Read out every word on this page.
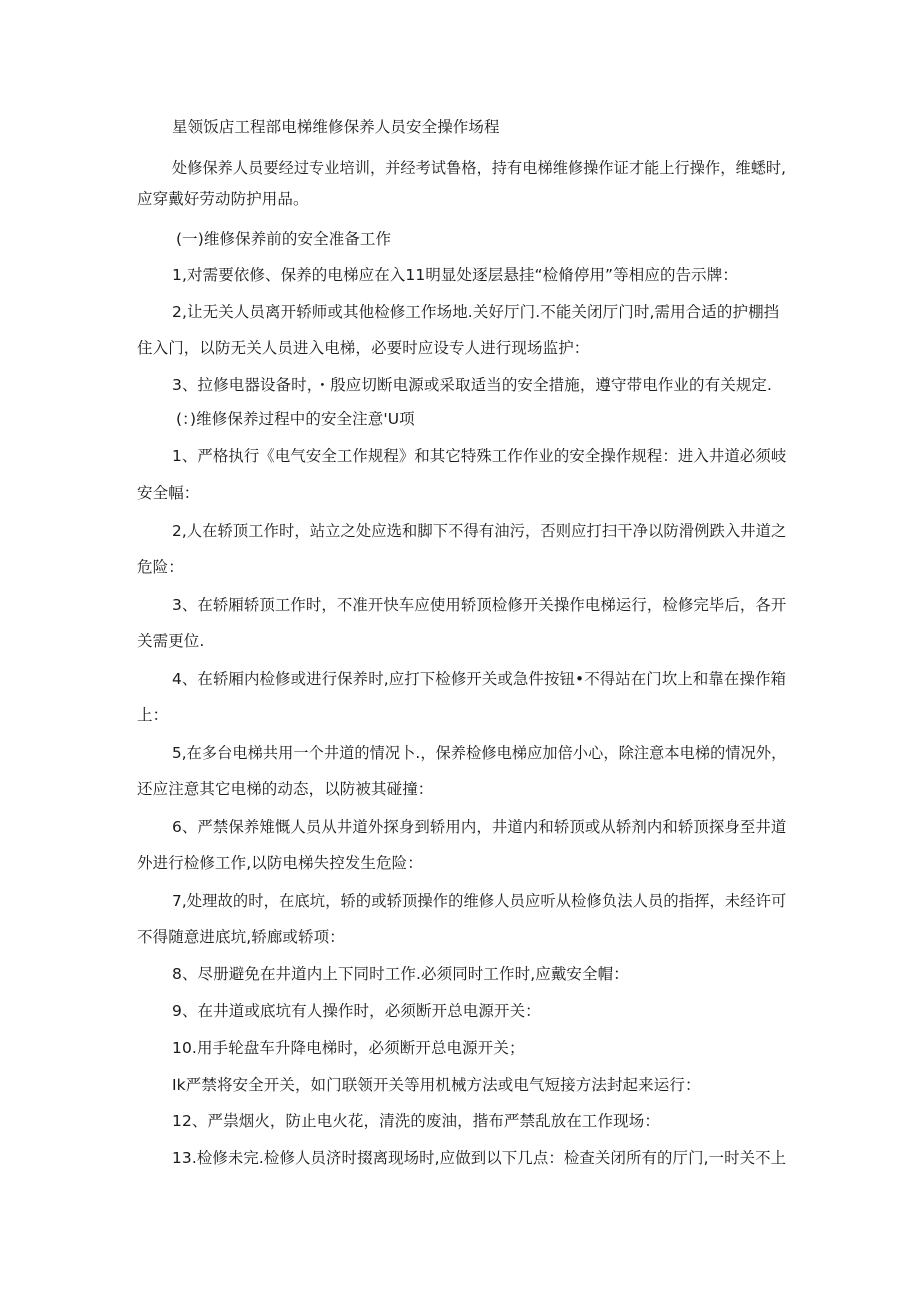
星领饭店工程部电梯维修保养人员安全操作场程
处修保养人员要经过专业培训，并经考试鲁格，持有电梯维修操作证才能上行操作，维蟋时,
应穿戴好劳动防护用品。
(一)维修保养前的安全准备工作
1,对需要依修、保养的电梯应在入11明显处逐层悬挂“检脩停用”等相应的告示牌：
2,让无关人员离开轿师或其他检修工作场地.关好厅门.不能关闭厅门时,需用合适的护棚挡
住入门，以防无关人员进入电梯，必要时应设专人进行现场监护：
3、拉修电器设备时，・殷应切断电源或采取适当的安全措施，遵守带电作业的有关规定.
(：)维修保养过程中的安全注意'U项
1、严格执行《电气安全工作规程》和其它特殊工作作业的安全操作规程：进入井道必须岐
安全幅：
2,人在轿顶工作时，站立之处应选和脚下不得有油污，否则应打扫干净以防滑例跌入井道之
危险：
3、在轿厢轿顶工作时，不准开快车应使用轿顶检修开关操作电梯运行，检修完毕后，各开
关需更位.
4、在轿厢内检修或进行保养时,应打下检修开关或急件按钮•不得站在门坎上和靠在操作箱
上：
5,在多台电梯共用一个井道的情况卜.，保养检修电梯应加倍小心，除注意本电梯的情况外，
还应注意其它电梯的动态，以防被其碰撞：
6、严禁保养雉慨人员从井道外探身到轿用内，井道内和轿顶或从轿剂内和轿顶探身至井道
外进行检修工作,以防电梯失控发生危险：
7,处理故的时，在底坑，轿的或轿顶操作的维修人员应听从检修负法人员的指挥，未经许可
不得随意进底坑,轿廊或轿项：
8、尽册避免在井道内上下同时工作.必须同时工作时,应戴安全帽：
9、在井道或底坑有人操作时，必须断开总电源开关：
10.用手轮盘车升降电梯时，必须断开总电源开关；
Ik严禁将安全开关，如门联领开关等用机械方法或电气短接方法封起来运行：
12、严祟烟火，防止电火花，清洗的废油，揩布严禁乱放在工作现场：
13.检修未完.检修人员济时掇离现场时,应做到以下几点：检查关闭所有的厅门,一时关不上
